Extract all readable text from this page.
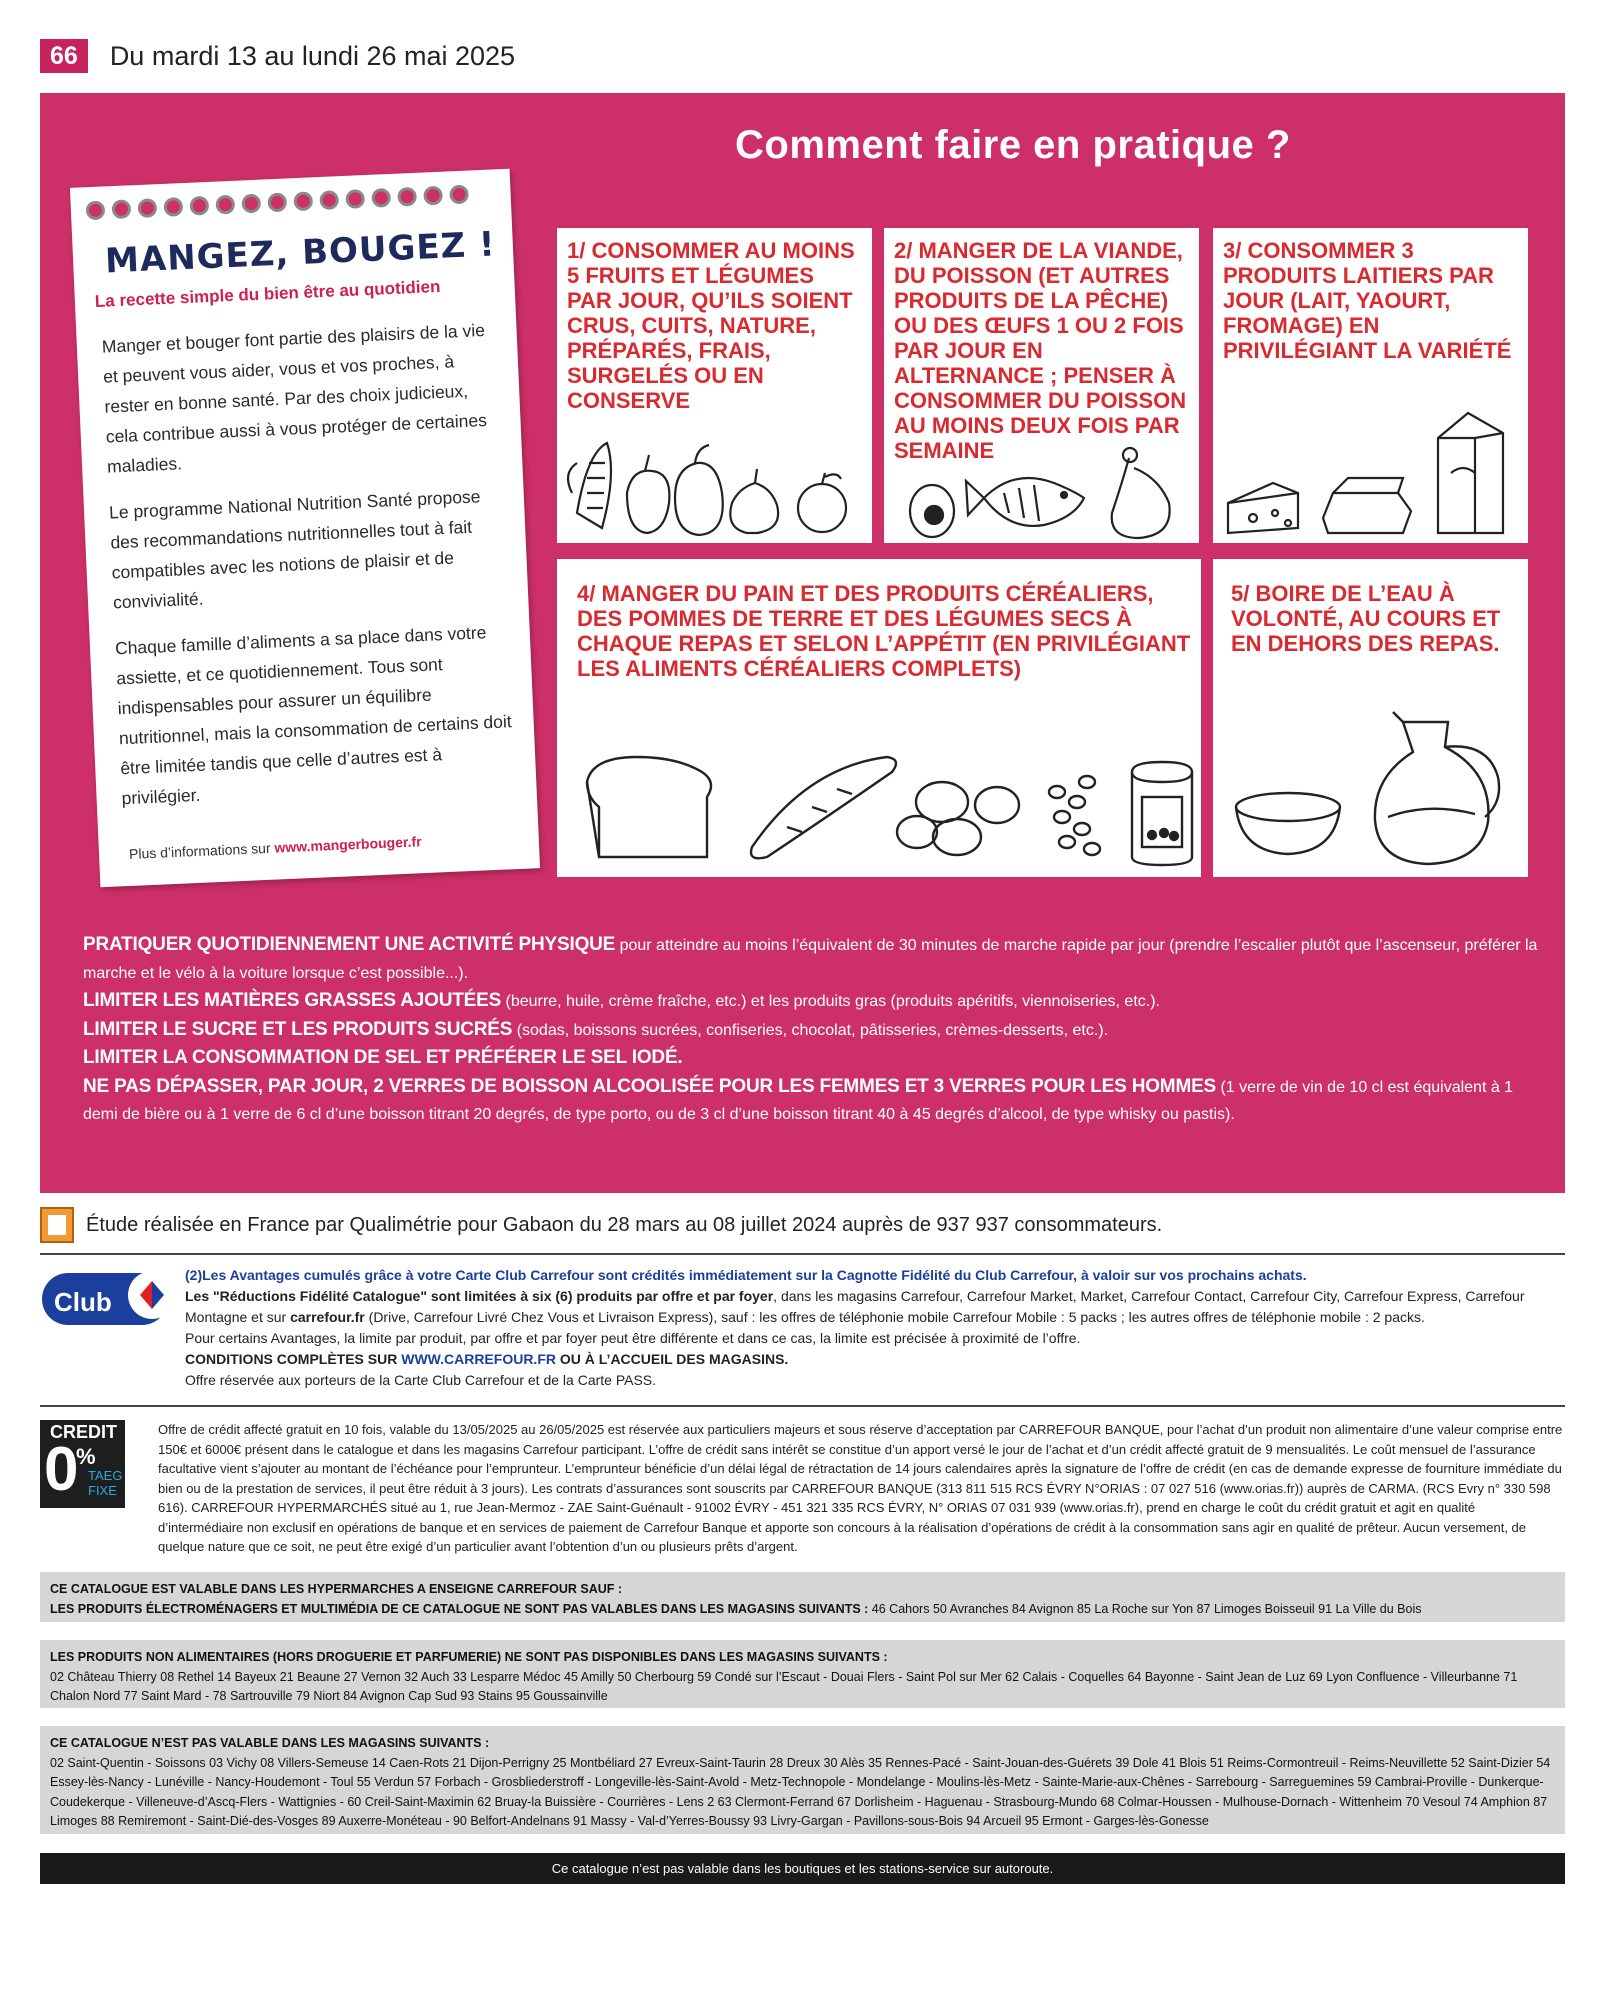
66	Du mardi 13 au lundi 26 mai 2025
Comment faire en pratique ?
MANGEZ, BOUGEZ !
La recette simple du bien être au quotidien

Manger et bouger font partie des plaisirs de la vie et peuvent vous aider, vous et vos proches, à rester en bonne santé. Par des choix judicieux, cela contribue aussi à vous protéger de certaines maladies.

Le programme National Nutrition Santé propose des recommandations nutritionnelles tout à fait compatibles avec les notions de plaisir et de convivialité.

Chaque famille d’aliments a sa place dans votre assiette, et ce quotidiennement. Tous sont indispensables pour assurer un équilibre nutritionnel, mais la consommation de certains doit être limitée tandis que celle d’autres est à privilégier.

Plus d’informations sur www.mangerbouger.fr
1/ CONSOMMER AU MOINS 5 FRUITS ET LÉGUMES PAR JOUR, QU’ILS SOIENT CRUS, CUITS, NATURE, PRÉPARÉS, FRAIS, SURGELÉS OU EN CONSERVE
2/ MANGER DE LA VIANDE, DU POISSON (ET AUTRES PRODUITS DE LA PÊCHE) OU DES ŒUFS 1 OU 2 FOIS PAR JOUR EN ALTERNANCE ; PENSER À CONSOMMER DU POISSON AU MOINS DEUX FOIS PAR SEMAINE
3/ CONSOMMER 3 PRODUITS LAITIERS PAR JOUR (LAIT, YAOURT, FROMAGE) EN PRIVILÉGIANT LA VARIÉTÉ
4/ MANGER DU PAIN ET DES PRODUITS CÉRÉALIERS, DES POMMES DE TERRE ET DES LÉGUMES SECS À CHAQUE REPAS ET SELON L’APPÉTIT (EN PRIVILÉGIANT LES ALIMENTS CÉRÉALIERS COMPLETS)
5/ BOIRE DE L’EAU À VOLONTÉ, AU COURS ET EN DEHORS DES REPAS.
PRATIQUER QUOTIDIENNEMENT UNE ACTIVITÉ PHYSIQUE pour atteindre au moins l’équivalent de 30 minutes de marche rapide par jour (prendre l’escalier plutôt que l’ascenseur, préférer la marche et le vélo à la voiture lorsque c’est possible...).
LIMITER LES MATIÈRES GRASSES AJOUTÉES (beurre, huile, crème fraîche, etc.) et les produits gras (produits apéritifs, viennoiseries, etc.).
LIMITER LE SUCRE ET LES PRODUITS SUCRÉS (sodas, boissons sucrées, confiseries, chocolat, pâtisseries, crèmes-desserts, etc.).
LIMITER LA CONSOMMATION DE SEL ET PRÉFÉRER LE SEL IODÉ.
NE PAS DÉPASSER, PAR JOUR, 2 VERRES DE BOISSON ALCOOLISÉE POUR LES FEMMES ET 3 VERRES POUR LES HOMMES (1 verre de vin de 10 cl est équivalent à 1 demi de bière ou à 1 verre de 6 cl d’une boisson titrant 20 degrés, de type porto, ou de 3 cl d’une boisson titrant 40 à 45 degrés d’alcool, de type whisky ou pastis).
Étude réalisée en France par Qualimétrie pour Gabaon du 28 mars au 08 juillet 2024 auprès de 937 937 consommateurs.
Club
(2)Les Avantages cumulés grâce à votre Carte Club Carrefour sont crédités immédiatement sur la Cagnotte Fidélité du Club Carrefour, à valoir sur vos prochains achats.
Les "Réductions Fidélité Catalogue" sont limitées à six (6) produits par offre et par foyer, dans les magasins Carrefour, Carrefour Market, Market, Carrefour Contact, Carrefour City, Carrefour Express, Carrefour Montagne et sur carrefour.fr (Drive, Carrefour Livré Chez Vous et Livraison Express), sauf : les offres de téléphonie mobile Carrefour Mobile : 5 packs ; les autres offres de téléphonie mobile : 2 packs.
Pour certains Avantages, la limite par produit, par offre et par foyer peut être différente et dans ce cas, la limite est précisée à proximité de l’offre.
CONDITIONS COMPLÈTES SUR WWW.CARREFOUR.FR OU À L’ACCUEIL DES MAGASINS.
Offre réservée aux porteurs de la Carte Club Carrefour et de la Carte PASS.
CREDIT
0
%
TAEG
FIXE
Offre de crédit affecté gratuit en 10 fois, valable du 13/05/2025 au 26/05/2025 est réservée aux particuliers majeurs et sous réserve d’acceptation par CARREFOUR BANQUE, pour l’achat d’un produit non alimentaire d’une valeur comprise entre 150€ et 6000€ présent dans le catalogue et dans les magasins Carrefour participant. L’offre de crédit sans intérêt se constitue d’un apport versé le jour de l’achat et d’un crédit affecté gratuit de 9 mensualités. Le coût mensuel de l’assurance facultative vient s’ajouter au montant de l’échéance pour l’emprunteur. L’emprunteur bénéficie d’un délai légal de rétractation de 14 jours calendaires après la signature de l’offre de crédit (en cas de demande expresse de fourniture immédiate du bien ou de la prestation de services, il peut être réduit à 3 jours). Les contrats d’assurances sont souscrits par CARREFOUR BANQUE (313 811 515 RCS ÉVRY N°ORIAS : 07 027 516 (www.orias.fr)) auprès de CARMA. (RCS Evry n° 330 598 616). CARREFOUR HYPERMARCHÉS situé au 1, rue Jean-Mermoz - ZAE Saint-Guénault - 91002 ÉVRY - 451 321 335 RCS ÉVRY, N° ORIAS 07 031 939 (www.orias.fr), prend en charge le coût du crédit gratuit et agit en qualité d’intermédiaire non exclusif en opérations de banque et en services de paiement de Carrefour Banque et apporte son concours à la réalisation d’opérations de crédit à la consommation sans agir en qualité de prêteur. Aucun versement, de quelque nature que ce soit, ne peut être exigé d’un particulier avant l’obtention d’un ou plusieurs prêts d’argent.
CE CATALOGUE EST VALABLE DANS LES HYPERMARCHES A ENSEIGNE CARREFOUR SAUF :
LES PRODUITS ÉLECTROMÉNAGERS ET MULTIMÉDIA DE CE CATALOGUE NE SONT PAS VALABLES DANS LES MAGASINS SUIVANTS : 46 Cahors 50 Avranches 84 Avignon 85 La Roche sur Yon 87 Limoges Boisseuil 91 La Ville du Bois
LES PRODUITS NON ALIMENTAIRES (HORS DROGUERIE ET PARFUMERIE) NE SONT PAS DISPONIBLES DANS LES MAGASINS SUIVANTS :
02 Château Thierry 08 Rethel 14 Bayeux 21 Beaune 27 Vernon 32 Auch 33 Lesparre Médoc 45 Amilly 50 Cherbourg 59 Condé sur l’Escaut - Douai Flers - Saint Pol sur Mer 62 Calais - Coquelles 64 Bayonne - Saint Jean de Luz 69 Lyon Confluence - Villeurbanne 71 Chalon Nord 77 Saint Mard - 78 Sartrouville 79 Niort 84 Avignon Cap Sud 93 Stains 95 Goussainville
CE CATALOGUE N’EST PAS VALABLE DANS LES MAGASINS SUIVANTS :
02 Saint-Quentin - Soissons 03 Vichy 08 Villers-Semeuse 14 Caen-Rots 21 Dijon-Perrigny 25 Montbéliard 27 Evreux-Saint-Taurin 28 Dreux 30 Alès 35 Rennes-Pacé - Saint-Jouan-des-Guérets 39 Dole 41 Blois 51 Reims-Cormontreuil - Reims-Neuvillette 52 Saint-Dizier 54 Essey-lès-Nancy - Lunéville - Nancy-Houdemont - Toul 55 Verdun 57 Forbach - Grosbliederstroff - Longeville-lès-Saint-Avold - Metz-Technopole - Mondelange - Moulins-lès-Metz - Sainte-Marie-aux-Chênes - Sarrebourg - Sarreguemines 59 Cambrai-Proville - Dunkerque-Coudekerque - Villeneuve-d’Ascq-Flers - Wattignies - 60 Creil-Saint-Maximin 62 Bruay-la Buissière - Courrières - Lens 2 63 Clermont-Ferrand 67 Dorlisheim - Haguenau - Strasbourg-Mundo 68 Colmar-Houssen - Mulhouse-Dornach - Wittenheim 70 Vesoul 74 Amphion 87 Limoges 88 Remiremont - Saint-Dié-des-Vosges 89 Auxerre-Monéteau - 90 Belfort-Andelnans 91 Massy - Val-d’Yerres-Boussy 93 Livry-Gargan - Pavillons-sous-Bois 94 Arcueil 95 Ermont - Garges-lès-Gonesse
Ce catalogue n’est pas valable dans les boutiques et les stations-service sur autoroute.
